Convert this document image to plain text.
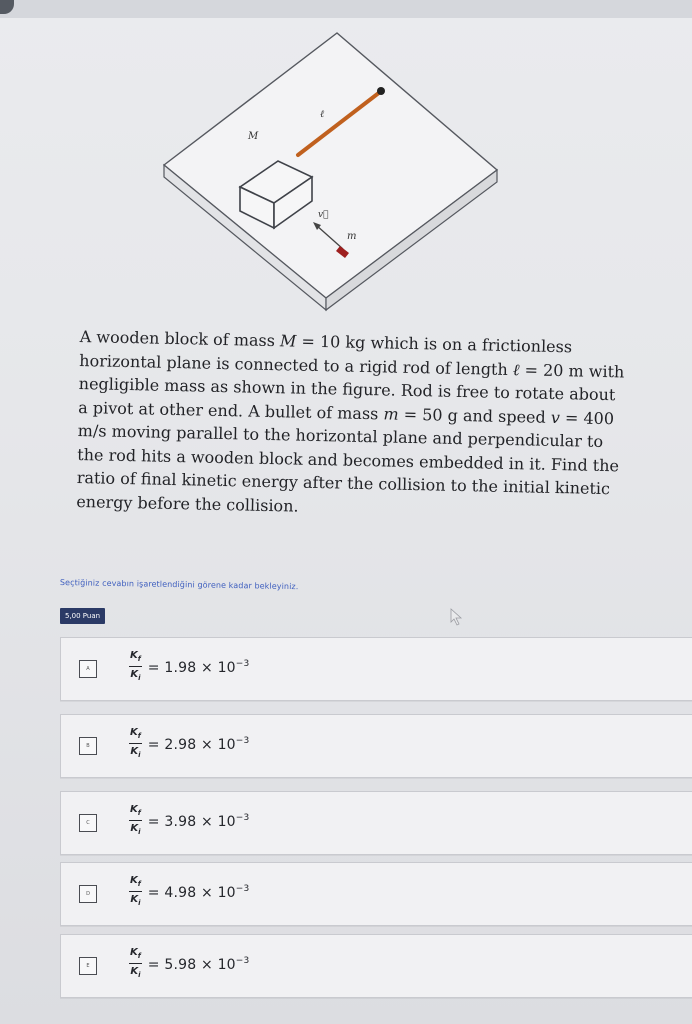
M
ℓ
v⃗
m
A wooden block of mass M = 10 kg which is on a frictionless horizontal plane is connected to a rigid rod of length ℓ = 20 m with negligible mass as shown in the figure. Rod is free to rotate about a pivot at other end. A bullet of mass m = 50 g and speed v = 400 m/s moving parallel to the horizontal plane and perpendicular to the rod hits a wooden block and becomes embedded in it. Find the ratio of final kinetic energy after the collision to the initial kinetic energy before the collision.
Seçtiğiniz cevabın işaretlendiğini görene kadar bekleyiniz.
5,00 Puan
A	$\frac{K_f}{K_i} = 1.98 \times 10^{-3}$
B	$\frac{K_f}{K_i} = 2.98 \times 10^{-3}$
C	$\frac{K_f}{K_i} = 3.98 \times 10^{-3}$
D	$\frac{K_f}{K_i} = 4.98 \times 10^{-3}$
E	$\frac{K_f}{K_i} = 5.98 \times 10^{-3}$
